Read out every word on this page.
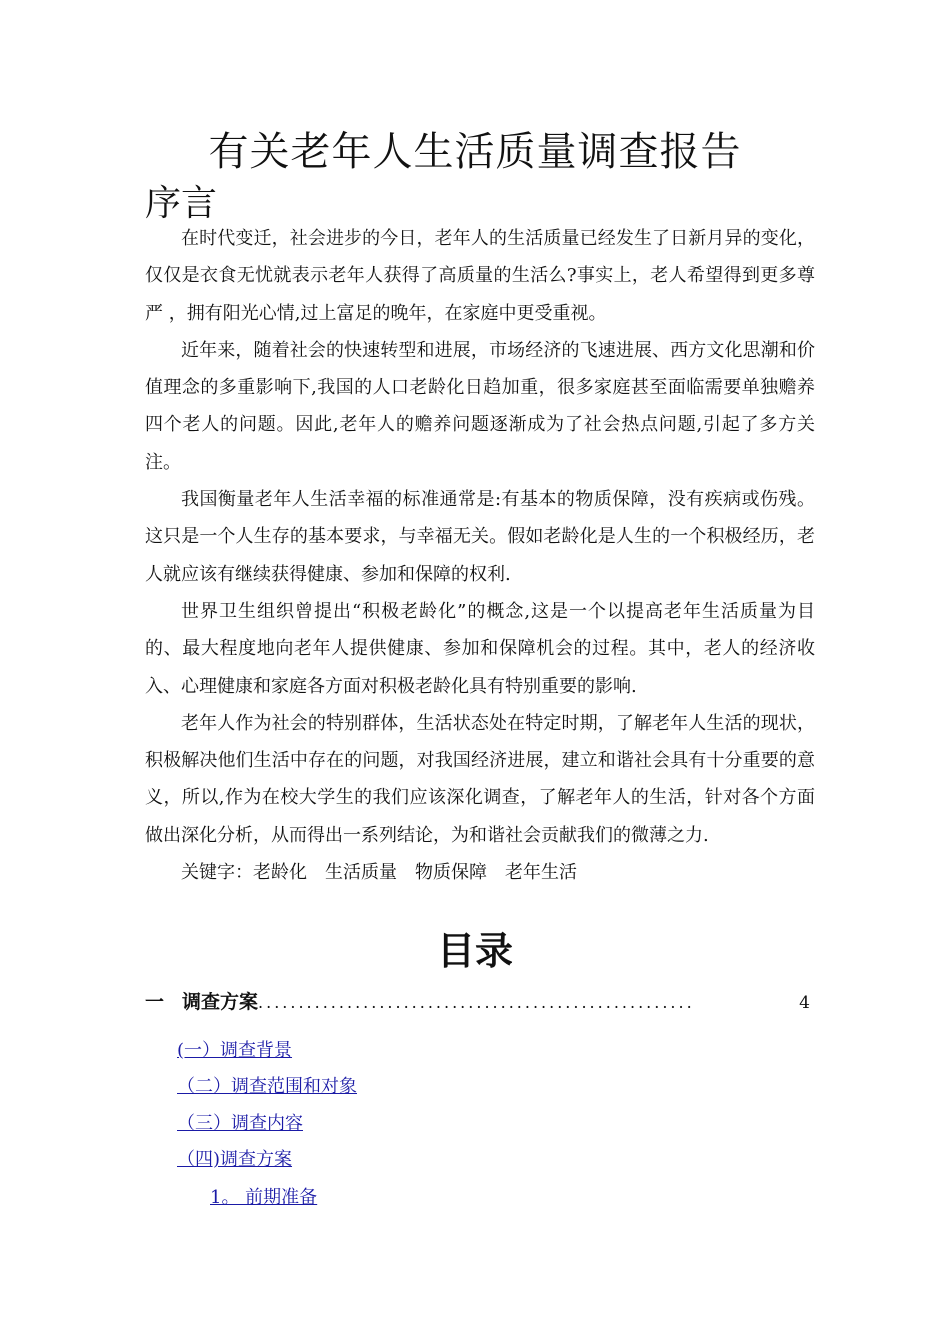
有关老年人生活质量调查报告
序言

在时代变迁，社会进步的今日，老年人的生活质量已经发生了日新月异的变化，仅仅是衣食无忧就表示老年人获得了高质量的生活么?事实上，老人希望得到更多尊严 ，拥有阳光心情,过上富足的晚年，在家庭中更受重视。

近年来，随着社会的快速转型和进展，市场经济的飞速进展、西方文化思潮和价值理念的多重影响下,我国的人口老龄化日趋加重，很多家庭甚至面临需要单独赡养四个老人的问题。因此,老年人的赡养问题逐渐成为了社会热点问题,引起了多方关注。

我国衡量老年人生活幸福的标准通常是:有基本的物质保障，没有疾病或伤残。这只是一个人生存的基本要求，与幸福无关。假如老龄化是人生的一个积极经历，老人就应该有继续获得健康、参加和保障的权利.

世界卫生组织曾提出“积极老龄化”的概念,这是一个以提高老年生活质量为目的、最大程度地向老年人提供健康、参加和保障机会的过程。其中，老人的经济收入、心理健康和家庭各方面对积极老龄化具有特别重要的影响.

老年人作为社会的特别群体，生活状态处在特定时期，了解老年人生活的现状，积极解决他们生活中存在的问题，对我国经济进展，建立和谐社会具有十分重要的意义，所以,作为在校大学生的我们应该深化调查，了解老年人的生活，针对各个方面做出深化分析，从而得出一系列结论，为和谐社会贡献我们的微薄之力.

关键字：老龄化　生活质量　物质保障　老年生活

目录
一 调查方案 ......................................................	4
(一）调查背景
（二）调查范围和对象
（三）调查内容
（四)调查方案
1。 前期准备
